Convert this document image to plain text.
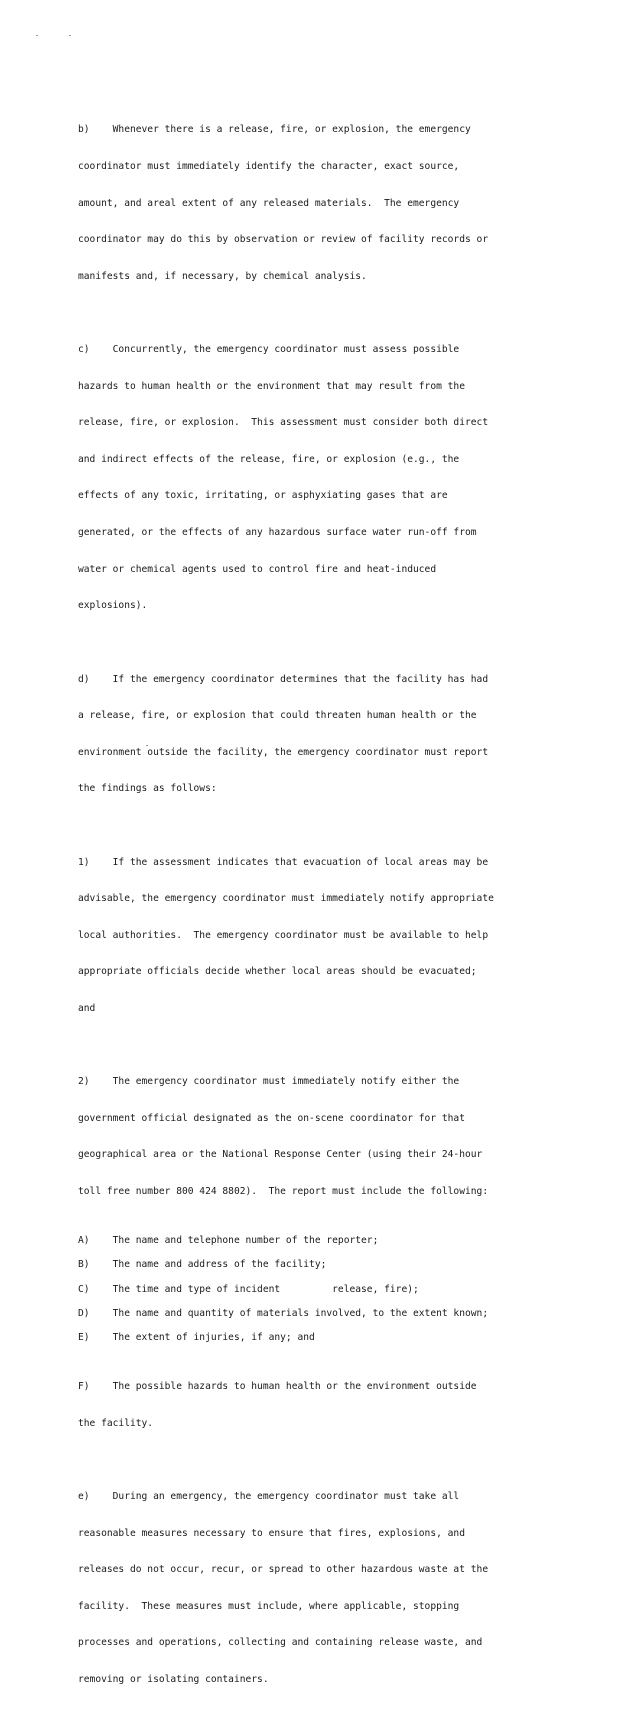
b)    Whenever there is a release, fire, or explosion, the emergency

coordinator must immediately identify the character, exact source,

amount, and areal extent of any released materials.  The emergency

coordinator may do this by observation or review of facility records or

manifests and, if necessary, by chemical analysis.

c)    Concurrently, the emergency coordinator must assess possible

hazards to human health or the environment that may result from the

release, fire, or explosion.  This assessment must consider both direct

and indirect effects of the release, fire, or explosion (e.g., the

effects of any toxic, irritating, or asphyxiating gases that are

generated, or the effects of any hazardous surface water run-off from

water or chemical agents used to control fire and heat-induced

explosions).

d)    If the emergency coordinator determines that the facility has had

a release, fire, or explosion that could threaten human health or the

environment outside the facility, the emergency coordinator must report

the findings as follows:

1)    If the assessment indicates that evacuation of local areas may be

advisable, the emergency coordinator must immediately notify appropriate

local authorities.  The emergency coordinator must be available to help

appropriate officials decide whether local areas should be evacuated;

and

2)    The emergency coordinator must immediately notify either the

government official designated as the on-scene coordinator for that

geographical area or the National Response Center (using their 24-hour

toll free number 800 424 8802).  The report must include the following:

A)    The name and telephone number of the reporter;
B)    The name and address of the facility;
C)    The time and type of incident         release, fire);
D)    The name and quantity of materials involved, to the extent known;
E)    The extent of injuries, if any; and

F)    The possible hazards to human health or the environment outside

the facility.

e)    During an emergency, the emergency coordinator must take all

reasonable measures necessary to ensure that fires, explosions, and

releases do not occur, recur, or spread to other hazardous waste at the

facility.  These measures must include, where applicable, stopping

processes and operations, collecting and containing release waste, and

removing or isolating containers.
